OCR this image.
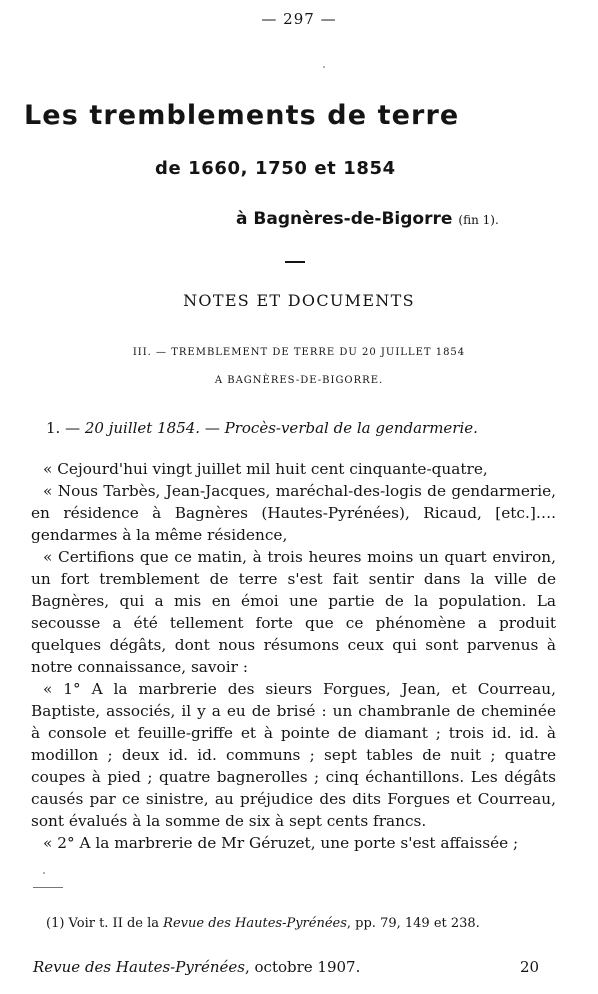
— 297 —
Les tremblements de terre
de 1660, 1750 et 1854
à Bagnères-de-Bigorre (fin 1).
NOTES ET DOCUMENTS
III. — TREMBLEMENT DE TERRE DU 20 JUILLET 1854
A BAGNÈRES-DE-BIGORRE.
1. — 20 juillet 1854. — Procès-verbal de la gendarmerie.

« Cejourd'hui vingt juillet mil huit cent cinquante-quatre,

« Nous Tarbès, Jean-Jacques, maréchal-des-logis de gendarmerie, en résidence à Bagnères (Hautes-Pyrénées), Ricaud, [etc.]…. gendarmes à la même résidence,

« Certifions que ce matin, à trois heures moins un quart environ, un fort tremblement de terre s'est fait sentir dans la ville de Bagnères, qui a mis en émoi une partie de la population. La secousse a été tellement forte que ce phénomène a produit quelques dégâts, dont nous résumons ceux qui sont parvenus à notre connaissance, savoir :

« 1° A la marbrerie des sieurs Forgues, Jean, et Courreau, Baptiste, associés, il y a eu de brisé : un chambranle de cheminée à console et feuille-griffe et à pointe de diamant ; trois id. id. à modillon ; deux id. id. communs ; sept tables de nuit ; quatre coupes à pied ; quatre bagnerolles ; cinq échantillons. Les dégâts causés par ce sinistre, au préjudice des dits Forgues et Courreau, sont évalués à la somme de six à sept cents francs.

« 2° A la marbrerie de Mr Géruzet, une porte s'est affaissée ;

(1) Voir t. II de la Revue des Hautes-Pyrénées, pp. 79, 149 et 238.
Revue des Hautes-Pyrénées, octobre 1907.	20
